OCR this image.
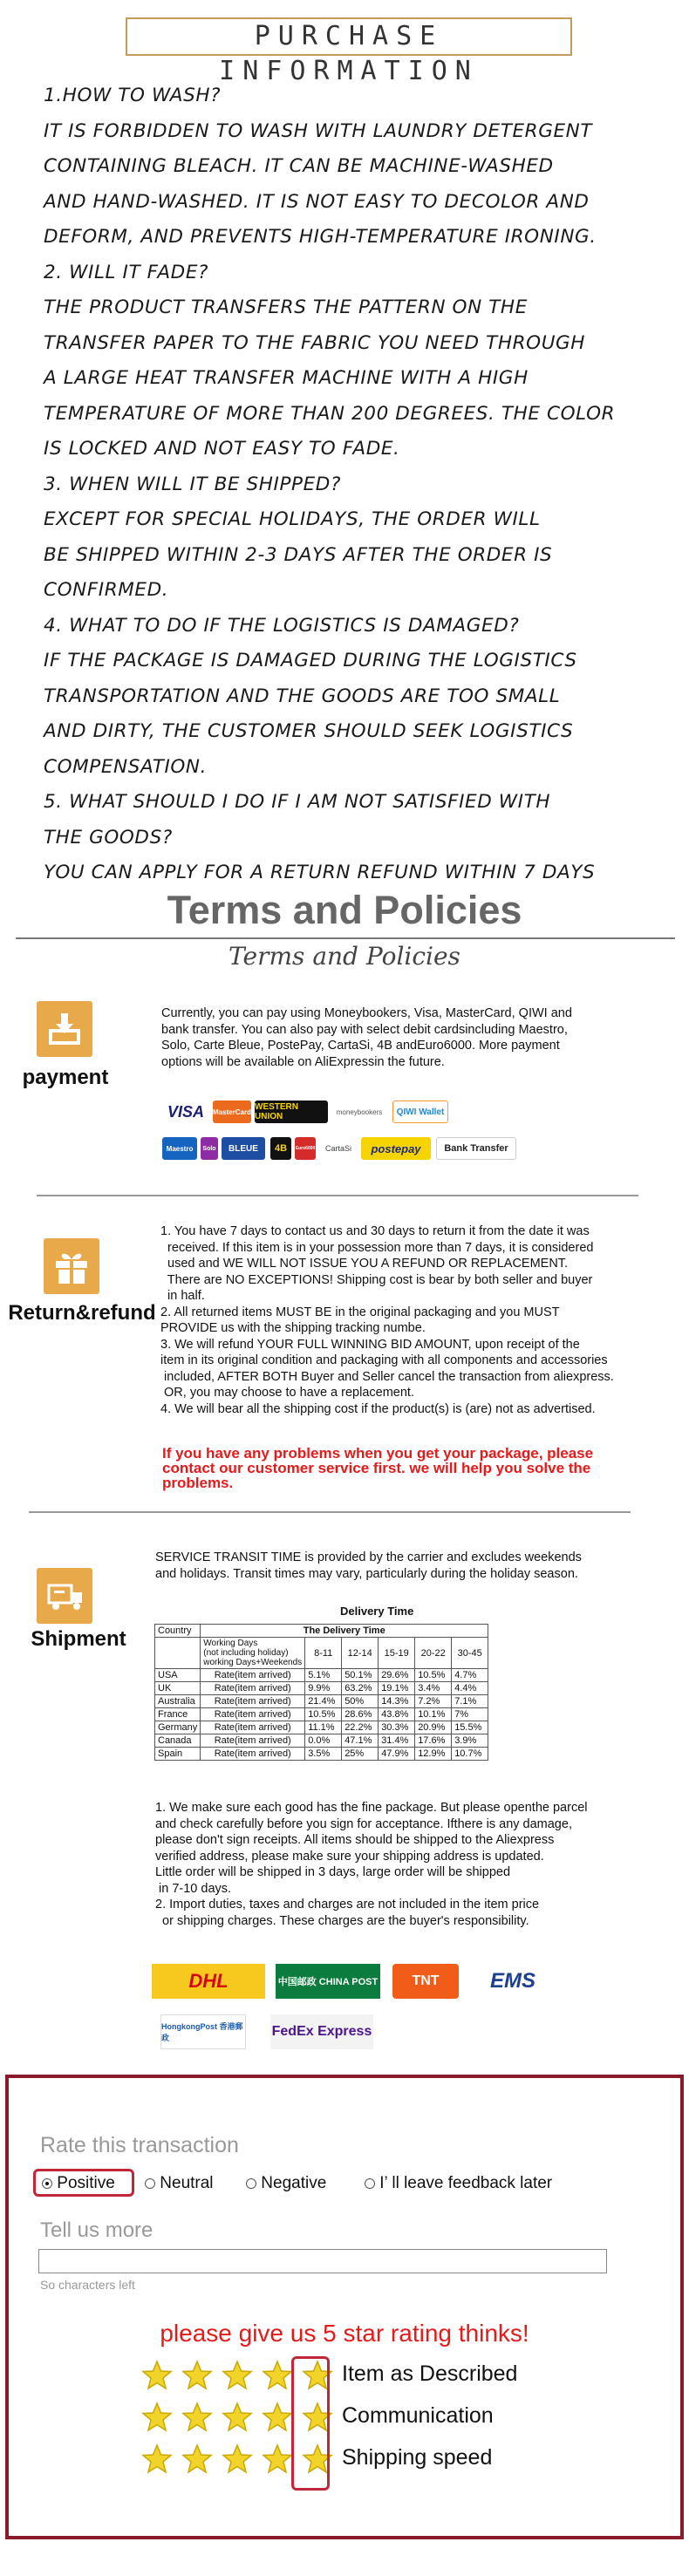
PURCHASE INFORMATION
1.HOW TO WASH?
IT IS FORBIDDEN TO WASH WITH LAUNDRY DETERGENT
CONTAINING BLEACH. IT CAN BE MACHINE-WASHED
AND HAND-WASHED. IT IS NOT EASY TO DECOLOR AND
DEFORM, AND PREVENTS HIGH-TEMPERATURE IRONING.
2. WILL IT FADE?
THE PRODUCT TRANSFERS THE PATTERN ON THE
TRANSFER PAPER TO THE FABRIC YOU NEED THROUGH
A LARGE HEAT TRANSFER MACHINE WITH A HIGH
TEMPERATURE OF MORE THAN 200 DEGREES. THE COLOR
IS LOCKED AND NOT EASY TO FADE.
3. WHEN WILL IT BE SHIPPED?
EXCEPT FOR SPECIAL HOLIDAYS, THE ORDER WILL
BE SHIPPED WITHIN 2-3 DAYS AFTER THE ORDER IS
CONFIRMED.
4. WHAT TO DO IF THE LOGISTICS IS DAMAGED?
IF THE PACKAGE IS DAMAGED DURING THE LOGISTICS
TRANSPORTATION AND THE GOODS ARE TOO SMALL
AND DIRTY, THE CUSTOMER SHOULD SEEK LOGISTICS
COMPENSATION.
5. WHAT SHOULD I DO IF I AM NOT SATISFIED WITH
THE GOODS?
YOU CAN APPLY FOR A RETURN REFUND WITHIN 7 DAYS
Terms and Policies
Terms and Policies
payment
Currently, you can pay using Moneybookers, Visa, MasterCard, QIWI and
bank transfer. You can also pay with select debit cardsincluding Maestro,
Solo, Carte Bleue, PostePay, CartaSi, 4B andEuro6000. More payment
options will be available on AliExpressin the future.
VISA	MasterCard WESTERN UNION	moneybookers	QIWI Wallet
Maestro	Solo	BLEUE	4B	Euro6000	CartaSi	postepay	Bank Transfer
Return&refund
1. You have 7 days to contact us and 30 days to return it from the date it was
received. If this item is in your possession more than 7 days, it is considered
used and WE WILL NOT ISSUE YOU A REFUND OR REPLACEMENT.
There are NO EXCEPTIONS! Shipping cost is bear by both seller and buyer
in half.
2. All returned items MUST BE in the original packaging and you MUST
PROVIDE us with the shipping tracking numbe.
3. We will refund YOUR FULL WINNING BID AMOUNT, upon receipt of the
item in its original condition and packaging with all components and accessories
included, AFTER BOTH Buyer and Seller cancel the transaction from aliexpress.
OR, you may choose to have a replacement.
4. We will bear all the shipping cost if the product(s) is (are) not as advertised.
If you have any problems when you get your package, please
contact our customer service first. we will help you solve the
problems.
Shipment
SERVICE TRANSIT TIME is provided by the carrier and excludes weekends
and holidays. Transit times may vary, particularly during the holiday season.
Delivery Time
Country	The Delivery Time					

	Working Days
(not including holiday)
working Days+Weekends	8-11	12-14	15-19	20-22	30-45
USA	Rate(item arrived)	5.1%	50.1%	29.6%	10.5%	4.7%
UK	Rate(item arrived)	9.9%	63.2%	19.1%	3.4%	4.4%
Australia	Rate(item arrived)	21.4%	50%	14.3%	7.2%	7.1%
France	Rate(item arrived)	10.5%	28.6%	43.8%	10.1%	7%
Germany	Rate(item arrived)	11.1%	22.2%	30.3%	20.9%	15.5%
Canada	Rate(item arrived)	0.0%	47.1%	31.4%	17.6%	3.9%
Spain	Rate(item arrived)	3.5%	25%	47.9%	12.9%	10.7%
1. We make sure each good has the fine package. But please openthe parcel
and check carefully before you sign for acceptance. Ifthere is any damage,
please don't sign receipts. All items should be shipped to the Aliexpress
verified address, please make sure your shipping address is updated.
Little order will be shipped in 3 days, large order will be shipped
in 7-10 days.
2. Import duties, taxes and charges are not included in the item price
or shipping charges. These charges are the buyer's responsibility.
DHL	中国邮政 CHINA POST	TNT	EMS
HongkongPost 香港郵政	FedEx Express
Rate this transaction
Positive	Neutral	Negative	I’ ll leave feedback later
Tell us more
So characters left
please give us 5 star rating thinks!
Item as Described
Communication
Shipping speed
